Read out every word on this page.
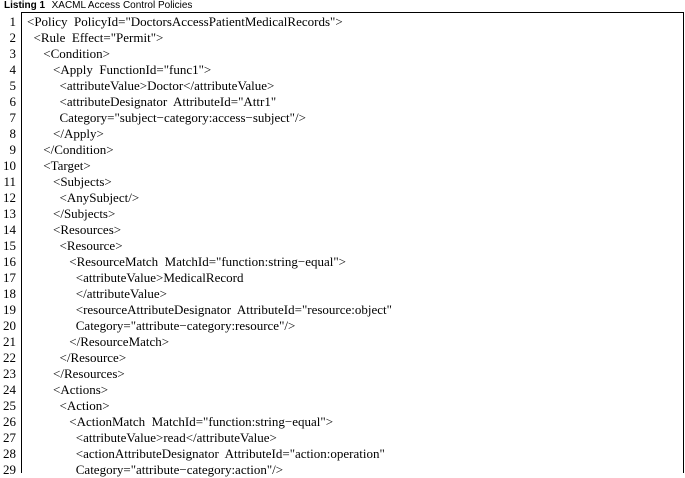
Listing 1 XACML Access Control Policies
1 <Policy  PolicyId="DoctorsAccessPatientMedicalRecords">
2 <Rule  Effect="Permit">
3 <Condition>
4 <Apply  FunctionId="func1">
5 <attributeValue>Doctor</attributeValue>
6 <attributeDesignator  AttributeId="Attr1"
7 Category="subject−category:access−subject"/>
8 </Apply>
9 </Condition>
10 <Target>
11 <Subjects>
12 <AnySubject/>
13 </Subjects>
14 <Resources>
15 <Resource>
16 <ResourceMatch  MatchId="function:string−equal">
17 <attributeValue>MedicalRecord
18 </attributeValue>
19 <resourceAttributeDesignator  AttributeId="resource:object"
20 Category="attribute−category:resource"/>
21 </ResourceMatch>
22 </Resource>
23 </Resources>
24 <Actions>
25 <Action>
26 <ActionMatch  MatchId="function:string−equal">
27 <attributeValue>read</attributeValue>
28 <actionAttributeDesignator  AttributeId="action:operation"
29 Category="attribute−category:action"/>
